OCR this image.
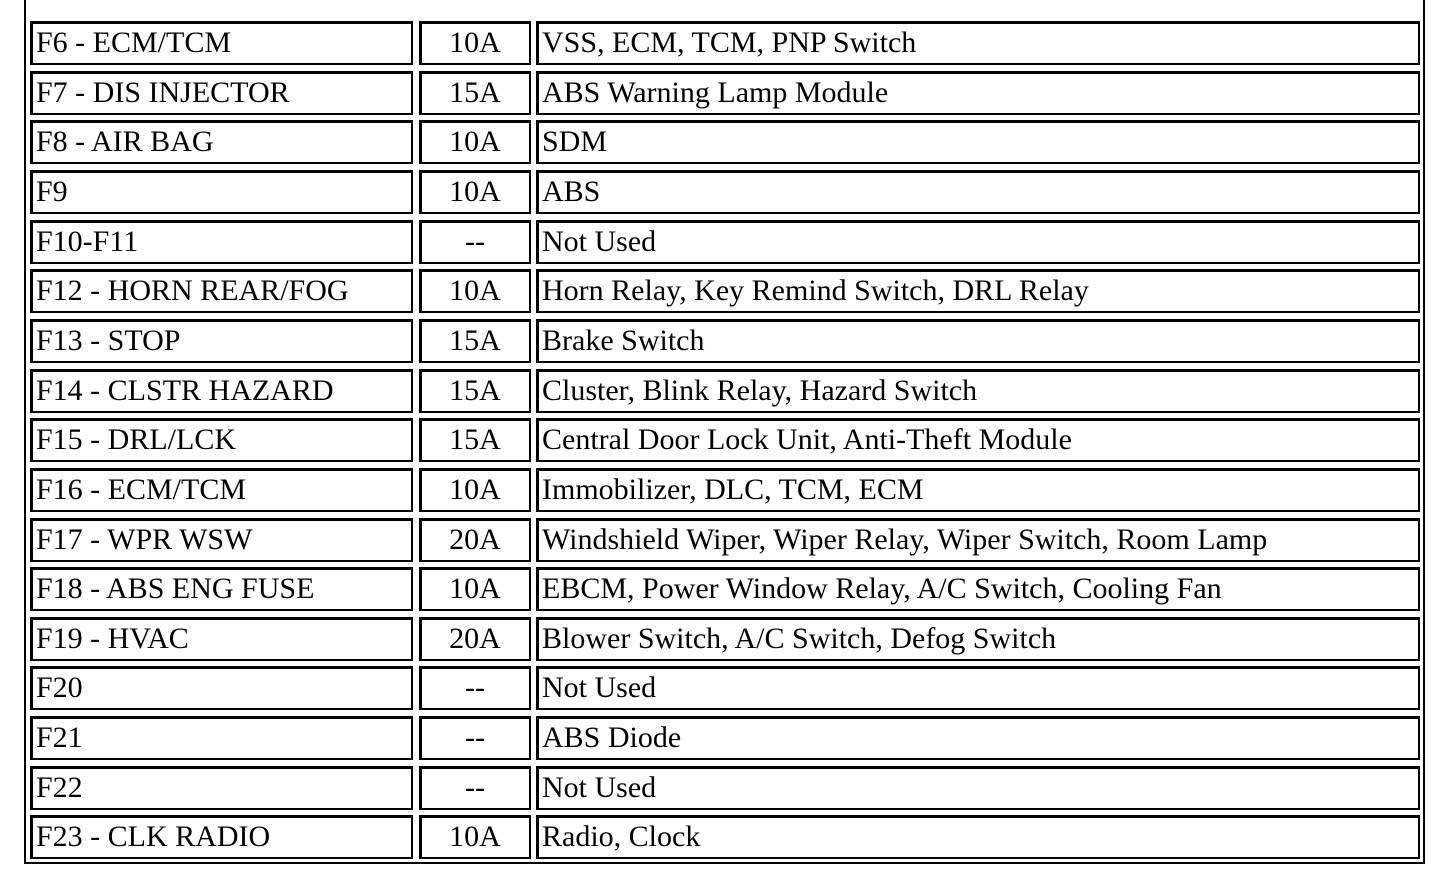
F6 - ECM/TCM	10A	VSS, ECM, TCM, PNP Switch
F7 - DIS INJECTOR	15A	ABS Warning Lamp Module
F8 - AIR BAG	10A	SDM
F9	10A	ABS
F10-F11	--	Not Used
F12 - HORN REAR/FOG	10A	Horn Relay, Key Remind Switch, DRL Relay
F13 - STOP	15A	Brake Switch
F14 - CLSTR HAZARD	15A	Cluster, Blink Relay, Hazard Switch
F15 - DRL/LCK	15A	Central Door Lock Unit, Anti-Theft Module
F16 - ECM/TCM	10A	Immobilizer, DLC, TCM, ECM
F17 - WPR WSW	20A	Windshield Wiper, Wiper Relay, Wiper Switch, Room Lamp
F18 - ABS ENG FUSE	10A	EBCM, Power Window Relay, A/C Switch, Cooling Fan
F19 - HVAC	20A	Blower Switch, A/C Switch, Defog Switch
F20	--	Not Used
F21	--	ABS Diode
F22	--	Not Used
F23 - CLK RADIO	10A	Radio, Clock
